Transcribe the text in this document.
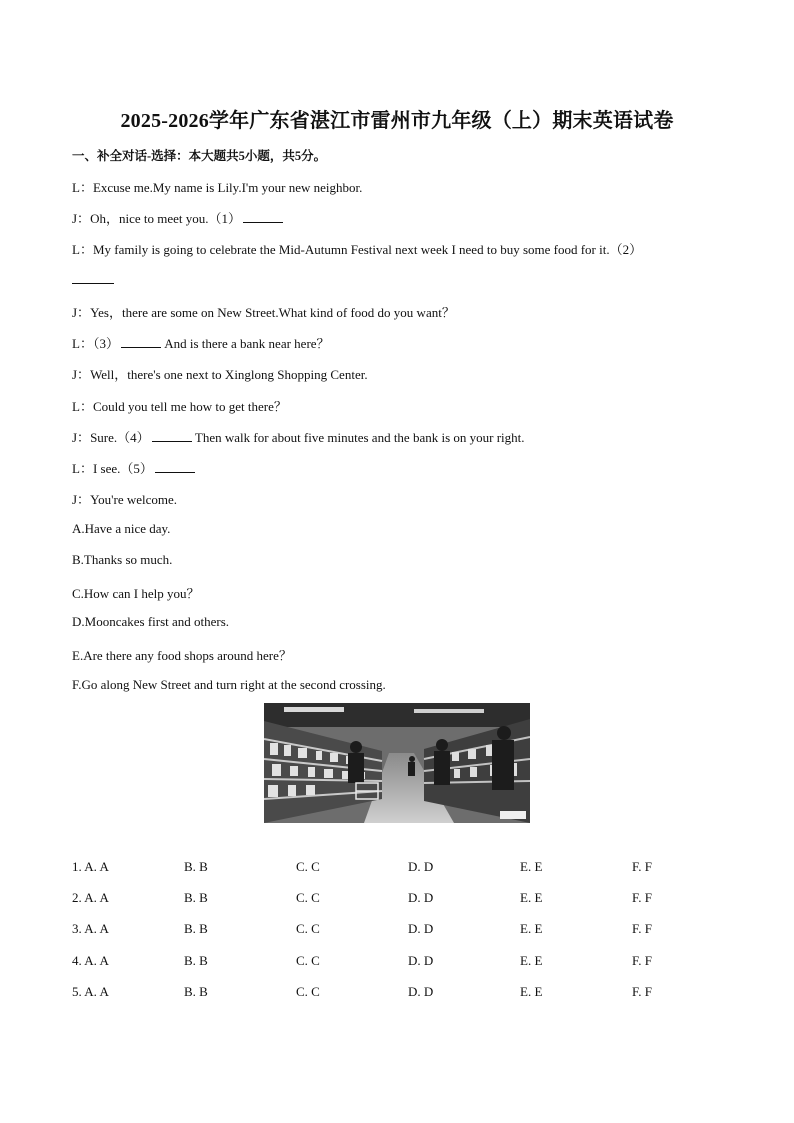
2025-2026学年广东省湛江市雷州市九年级（上）期末英语试卷
一、补全对话-选择：本大题共5小题，共5分。
L：Excuse me.My name is Lily.I'm your new neighbor.
J：Oh，nice to meet you.（1）
L：My family is going to celebrate the Mid-Autumn Festival next week I need to buy some food for it.（2）
J：Yes，there are some on New Street.What kind of food do you want？
L：（3）	And is there a bank near here？
J：Well，there's one next to Xinglong Shopping Center.
L：Could you tell me how to get there？
J：Sure.（4）	Then walk for about five minutes and the bank is on your right.
L：I see.（5）
J：You're welcome.
A.Have a nice day.
B.Thanks so much.
C.How can I help you？
D.Mooncakes first and others.
E.Are there any food shops around here？
F.Go along New Street and turn right at the second crossing.
1. A. A	B. B	C. C	D. D	E. E	F. F
2. A. A	B. B	C. C	D. D	E. E	F. F
3. A. A	B. B	C. C	D. D	E. E	F. F
4. A. A	B. B	C. C	D. D	E. E	F. F
5. A. A	B. B	C. C	D. D	E. E	F. F
